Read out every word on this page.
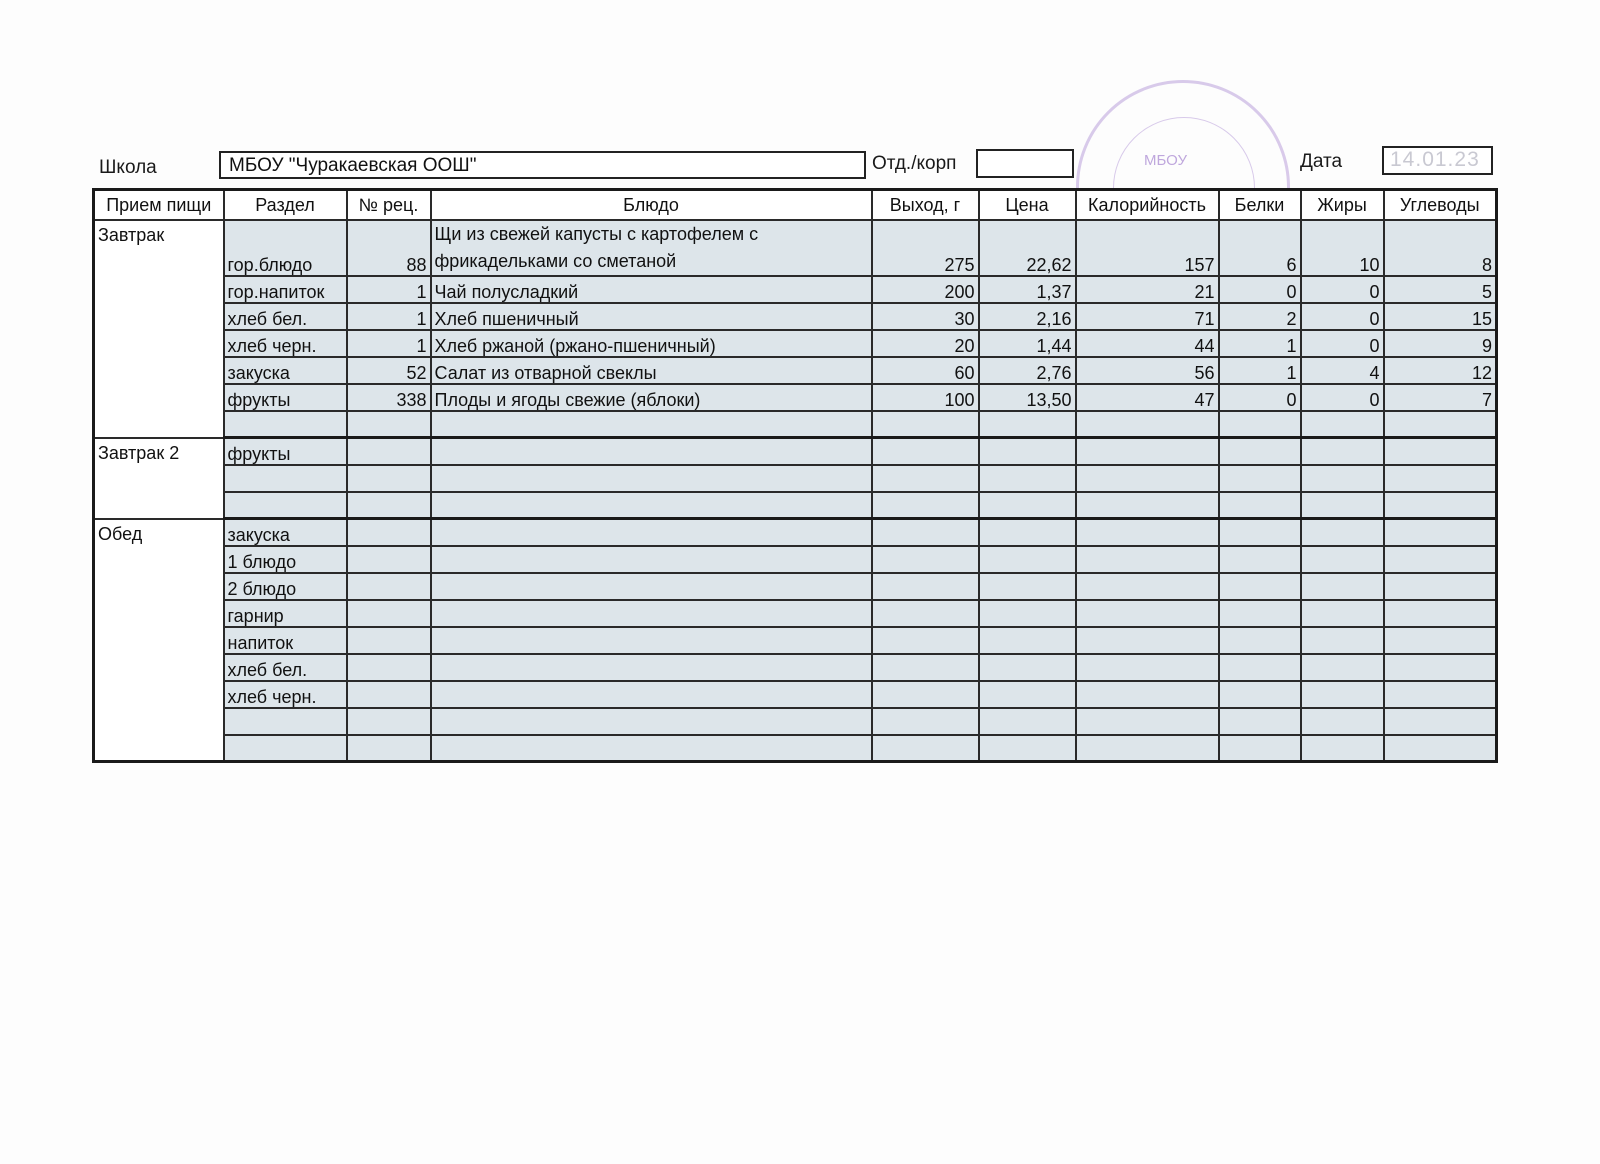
Школа	МБОУ "Чуракаевская ООШ"	Отд./корп	МБОУ	Дата	14.01.23
Прием пищи	Раздел	№ рец.	Блюдо	Выход, г	Цена	Калорийность	Белки	Жиры	Углеводы
Завтрак	гор.блюдо	88	Щи из свежей капусты с картофелем с фрикадельками со сметаной	275	22,62	157	6	10	8
	гор.напиток	1	Чай полусладкий	200	1,37	21	0	0	5
	хлеб бел.	1	Хлеб пшеничный	30	2,16	71	2	0	15
	хлеб черн.	1	Хлеб ржаной (ржано-пшеничный)	20	1,44	44	1	0	9
	закуска	52	Салат из отварной свеклы	60	2,76	56	1	4	12
	фрукты	338	Плоды и ягоды свежие (яблоки)	100	13,50	47	0	0	7

Завтрак 2	фрукты								

Обед	закуска								
	1 блюдо								
	2 блюдо								
	гарнир								
	напиток								
	хлеб бел.								
	хлеб черн.								
